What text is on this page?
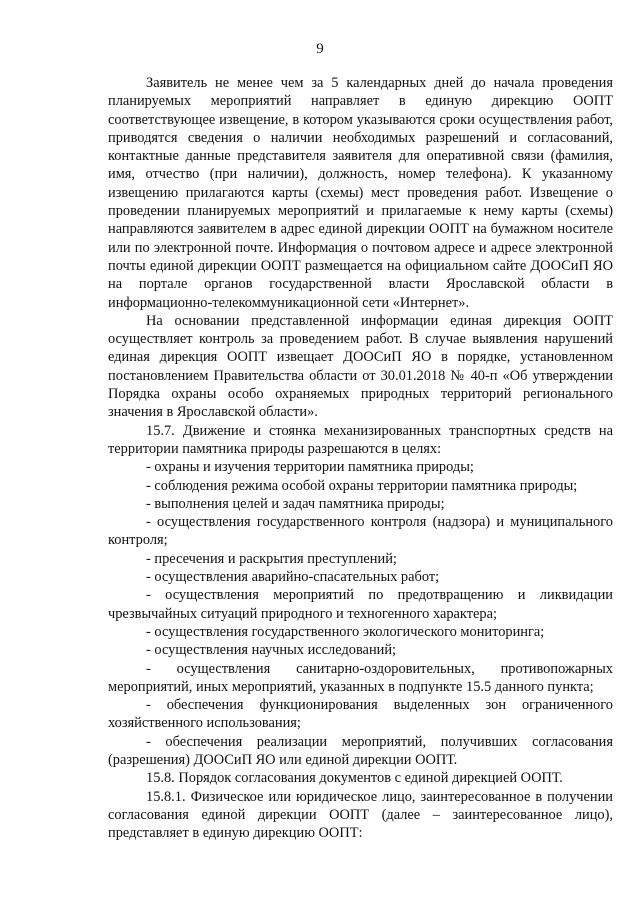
9

Заявитель не менее чем за 5 календарных дней до начала проведения планируемых мероприятий направляет в единую дирекцию ООПТ соответствующее извещение, в котором указываются сроки осуществления работ, приводятся сведения о наличии необходимых разрешений и согласований, контактные данные представителя заявителя для оперативной связи (фамилия, имя, отчество (при наличии), должность, номер телефона). К указанному извещению прилагаются карты (схемы) мест проведения работ. Извещение о проведении планируемых мероприятий и прилагаемые к нему карты (схемы) направляются заявителем в адрес единой дирекции ООПТ на бумажном носителе или по электронной почте. Информация о почтовом адресе и адресе электронной почты единой дирекции ООПТ размещается на официальном сайте ДООСиП ЯО на портале органов государственной власти Ярославской области в информационно-телекоммуникационной сети «Интернет».

На основании представленной информации единая дирекция ООПТ осуществляет контроль за проведением работ. В случае выявления нарушений единая дирекция ООПТ извещает ДООСиП ЯО в порядке, установленном постановлением Правительства области от 30.01.2018 № 40-п «Об утверждении Порядка охраны особо охраняемых природных территорий регионального значения в Ярославской области».

15.7. Движение и стоянка механизированных транспортных средств на территории памятника природы разрешаются в целях:

- охраны и изучения территории памятника природы;

- соблюдения режима особой охраны территории памятника природы;

- выполнения целей и задач памятника природы;

- осуществления государственного контроля (надзора) и муниципального контроля;

- пресечения и раскрытия преступлений;

- осуществления аварийно-спасательных работ;

- осуществления мероприятий по предотвращению и ликвидации чрезвычайных ситуаций природного и техногенного характера;

- осуществления государственного экологического мониторинга;

- осуществления научных исследований;

- осуществления санитарно-оздоровительных, противопожарных мероприятий, иных мероприятий, указанных в подпункте 15.5 данного пункта;

- обеспечения функционирования выделенных зон ограниченного хозяйственного использования;

- обеспечения реализации мероприятий, получивших согласования (разрешения) ДООСиП ЯО или единой дирекции ООПТ.

15.8. Порядок согласования документов с единой дирекцией ООПТ.

15.8.1. Физическое или юридическое лицо, заинтересованное в получении согласования единой дирекции ООПТ (далее – заинтересованное лицо), представляет в единую дирекцию ООПТ:
